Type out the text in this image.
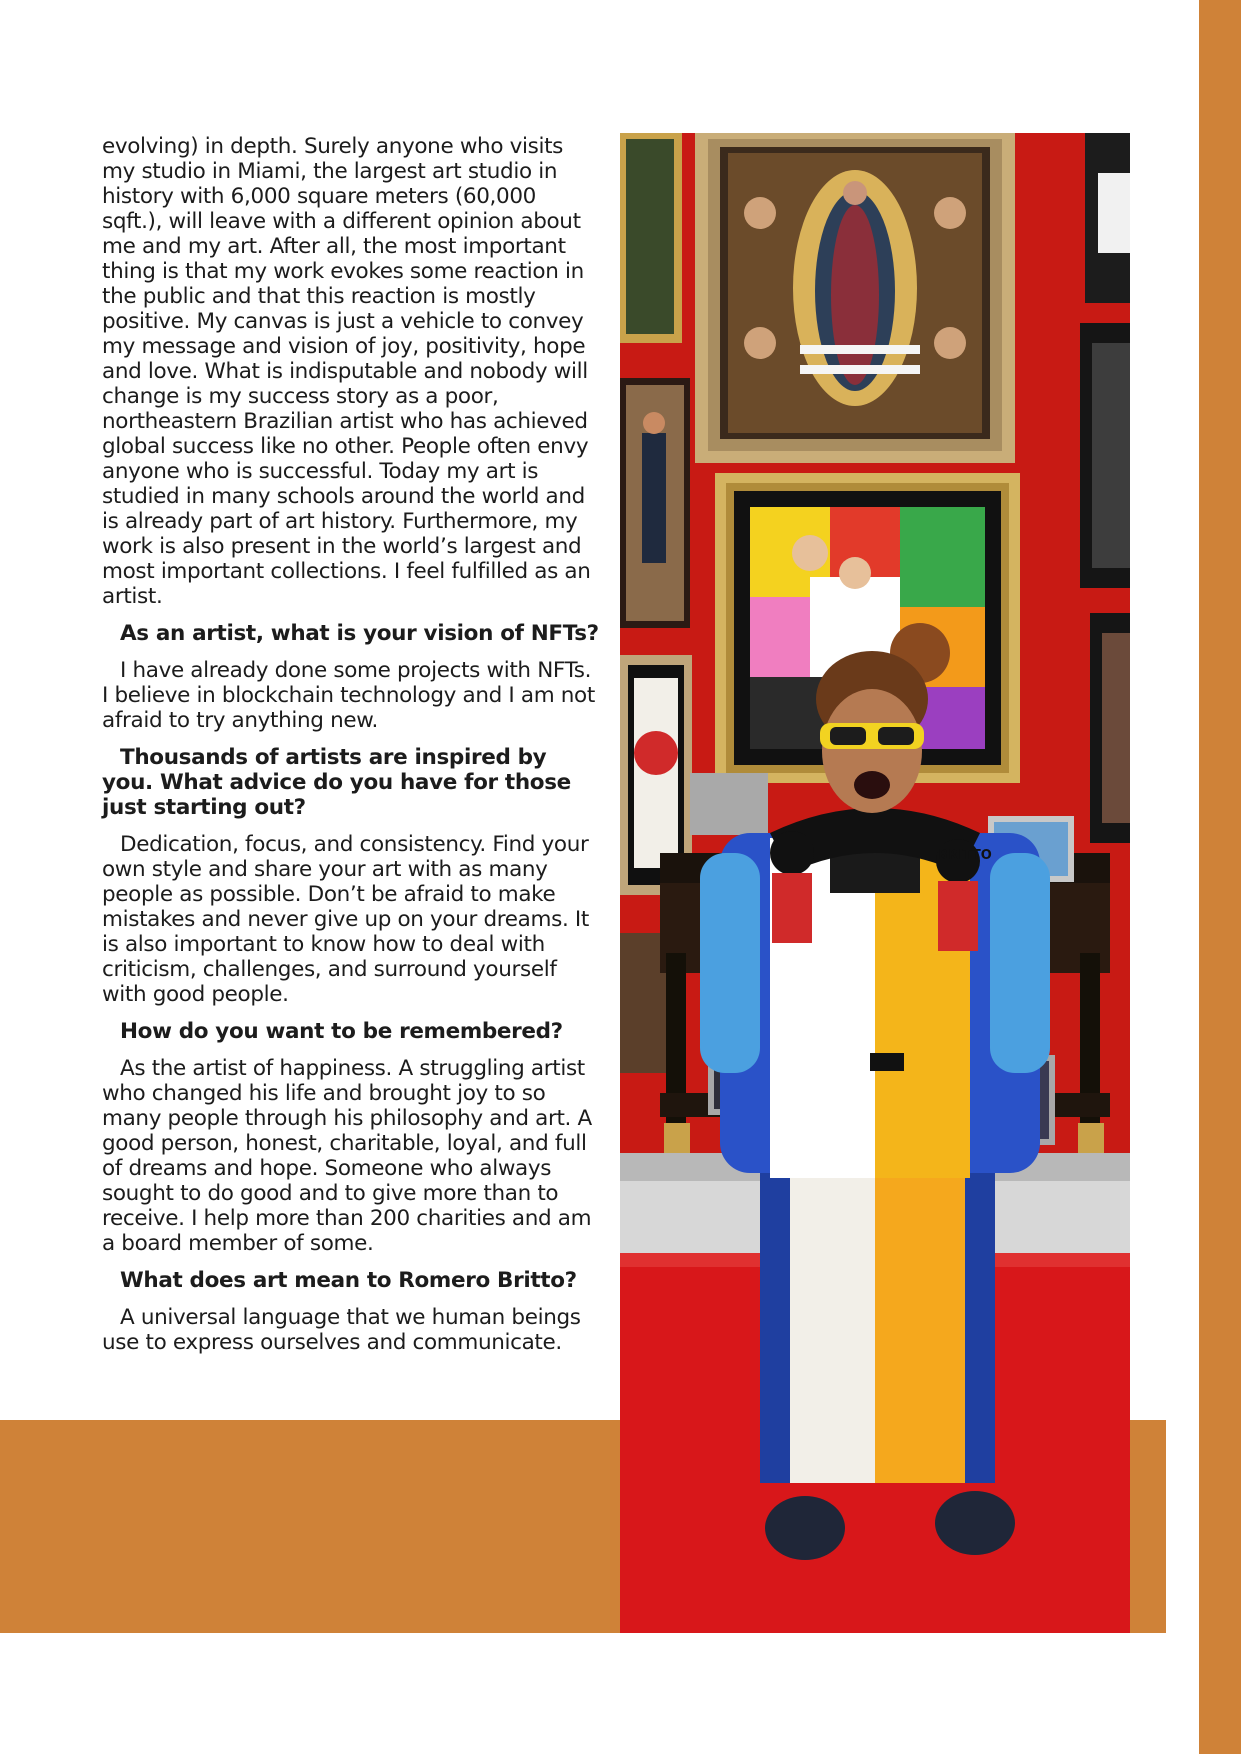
evolving) in depth. Surely anyone who visits my studio in Miami, the largest art studio in history with 6,000 square meters (60,000 sqft.), will leave with a different opinion about me and my art. After all, the most important thing is that my work evokes some reaction in the public and that this reaction is mostly positive. My canvas is just a vehicle to convey my message and vision of joy, positivity, hope and love. What is indisputable and nobody will change is my success story as a poor, northeastern Brazilian artist who has achieved global success like no other. People often envy anyone who is successful. Today my art is studied in many schools around the world and is already part of art history. Furthermore, my work is also present in the world’s largest and most important collections. I feel fulfilled as an artist.

As an artist, what is your vision of NFTs?

I have already done some projects with NFTs. I believe in blockchain technology and I am not afraid to try anything new.

Thousands of artists are inspired by you. What advice do you have for those just starting out?

Dedication, focus, and consistency. Find your own style and share your art with as many people as possible. Don’t be afraid to make mistakes and never give up on your dreams. It is also important to know how to deal with criticism, challenges, and surround yourself with good people.

How do you want to be remembered?

As the artist of happiness. A struggling artist who changed his life and brought joy to so many people through his philosophy and art. A good person, honest, charitable, loyal, and full of dreams and hope. Someone who always sought to do good and to give more than to receive. I help more than 200 charities and am a board member of some.

What does art mean to Romero Britto?

A universal language that we human beings use to express ourselves and communicate.

BRITTO
